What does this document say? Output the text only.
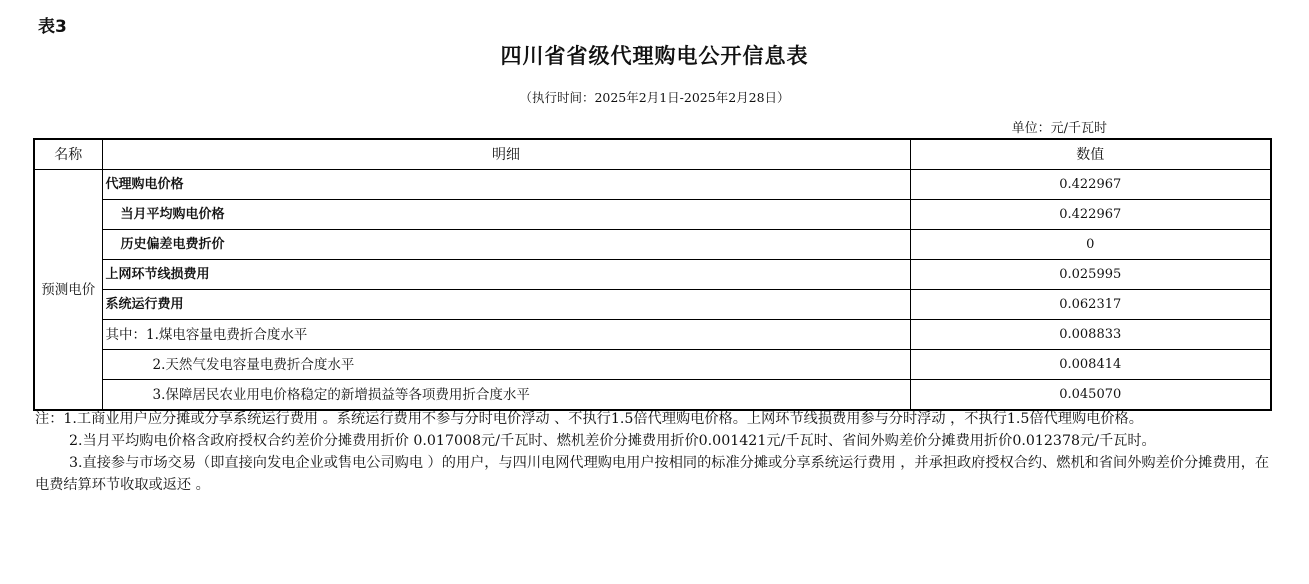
表3
四川省省级代理购电公开信息表
（执行时间：2025年2月1日-2025年2月28日）
单位：元/千瓦时
名称	明细	数值
预测电价	代理购电价格	0.422967
	当月平均购电价格	0.422967
	历史偏差电费折价	0
	上网环节线损费用	0.025995
	系统运行费用	0.062317
	其中：1.煤电容量电费折合度水平	0.008833
	2.天然气发电容量电费折合度水平	0.008414
	3.保障居民农业用电价格稳定的新增损益等各项费用折合度水平	0.045070

注：1.工商业用户应分摊或分享系统运行费用 。系统运行费用不参与分时电价浮动 、不执行1.5倍代理购电价格。上网环节线损费用参与分时浮动 ，不执行1.5倍代理购电价格。

2.当月平均购电价格含政府授权合约差价分摊费用折价 0.017008元/千瓦时、燃机差价分摊费用折价0.001421元/千瓦时、省间外购差价分摊费用折价0.012378元/千瓦时。

3.直接参与市场交易（即直接向发电企业或售电公司购电 ）的用户，与四川电网代理购电用户按相同的标准分摊或分享系统运行费用 ，并承担政府授权合约、燃机和省间外购差价分摊费用，在电费结算环节收取或返还 。
